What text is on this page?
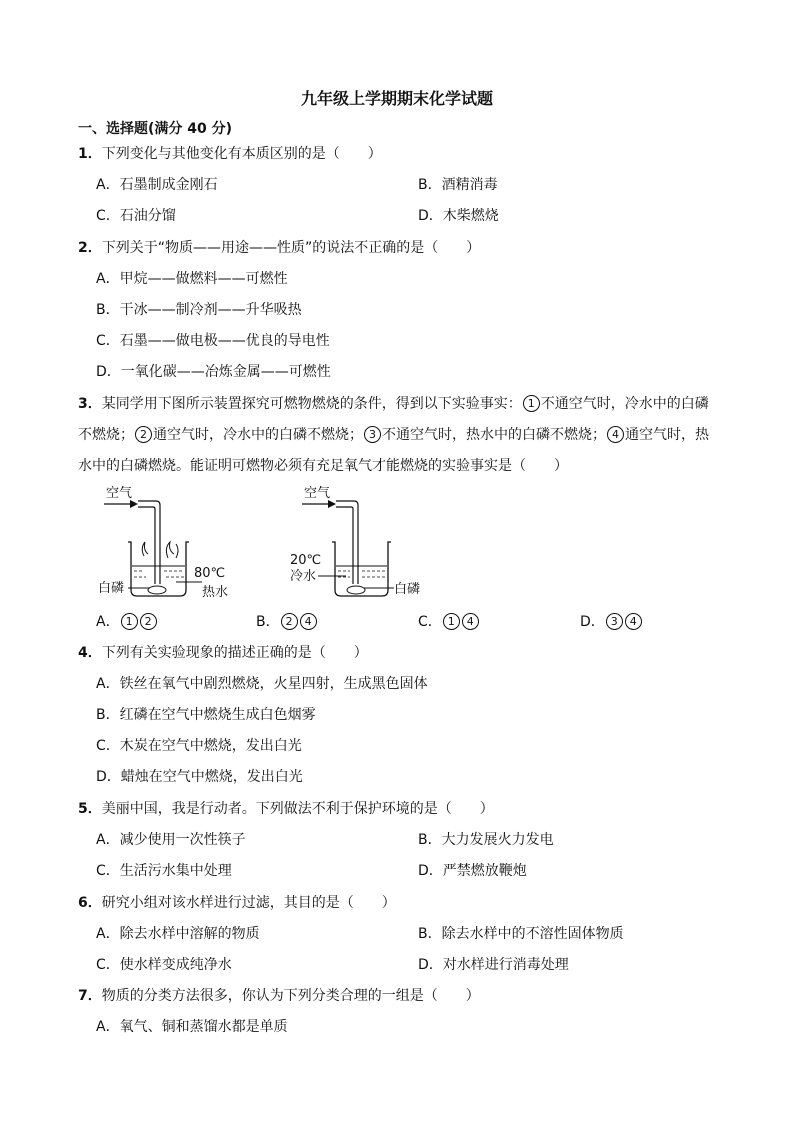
九年级上学期期末化学试题
一、选择题(满分 40 分)
1．下列变化与其他变化有本质区别的是（　　）
A．石墨制成金刚石	B．酒精消毒
C．石油分馏	D．木柴燃烧
2．下列关于“物质——用途——性质”的说法不正确的是（　　）
A．甲烷——做燃料——可燃性
B．干冰——制冷剂——升华吸热
C．石墨——做电极——优良的导电性
D．一氧化碳——冶炼金属——可燃性
3．某同学用下图所示装置探究可燃物燃烧的条件，得到以下实验事实： 1 不通空气时，冷水中的白磷
不燃烧； 2 通空气时，冷水中的白磷不燃烧； 3 不通空气时，热水中的白磷不燃烧； 4 通空气时，热
水中的白磷燃烧。能证明可燃物必须有充足氧气才能燃烧的实验事实是（　　）
空气
80℃
热水
白磷
空气
20℃
冷水
白磷
A． 1 2	B． 2 4	C． 1 4	D． 3 4
4．下列有关实验现象的描述正确的是（　　）
A．铁丝在氧气中剧烈燃烧，火星四射，生成黑色固体
B．红磷在空气中燃烧生成白色烟雾
C．木炭在空气中燃烧，发出白光
D．蜡烛在空气中燃烧，发出白光
5．美丽中国，我是行动者。下列做法不利于保护环境的是（　　）
A．减少使用一次性筷子	B．大力发展火力发电
C．生活污水集中处理	D．严禁燃放鞭炮
6．研究小组对该水样进行过滤，其目的是（　　）
A．除去水样中溶解的物质	B．除去水样中的不溶性固体物质
C．使水样变成纯净水	D．对水样进行消毒处理
7．物质的分类方法很多，你认为下列分类合理的一组是（　　）
A．氧气、铜和蒸馏水都是单质
